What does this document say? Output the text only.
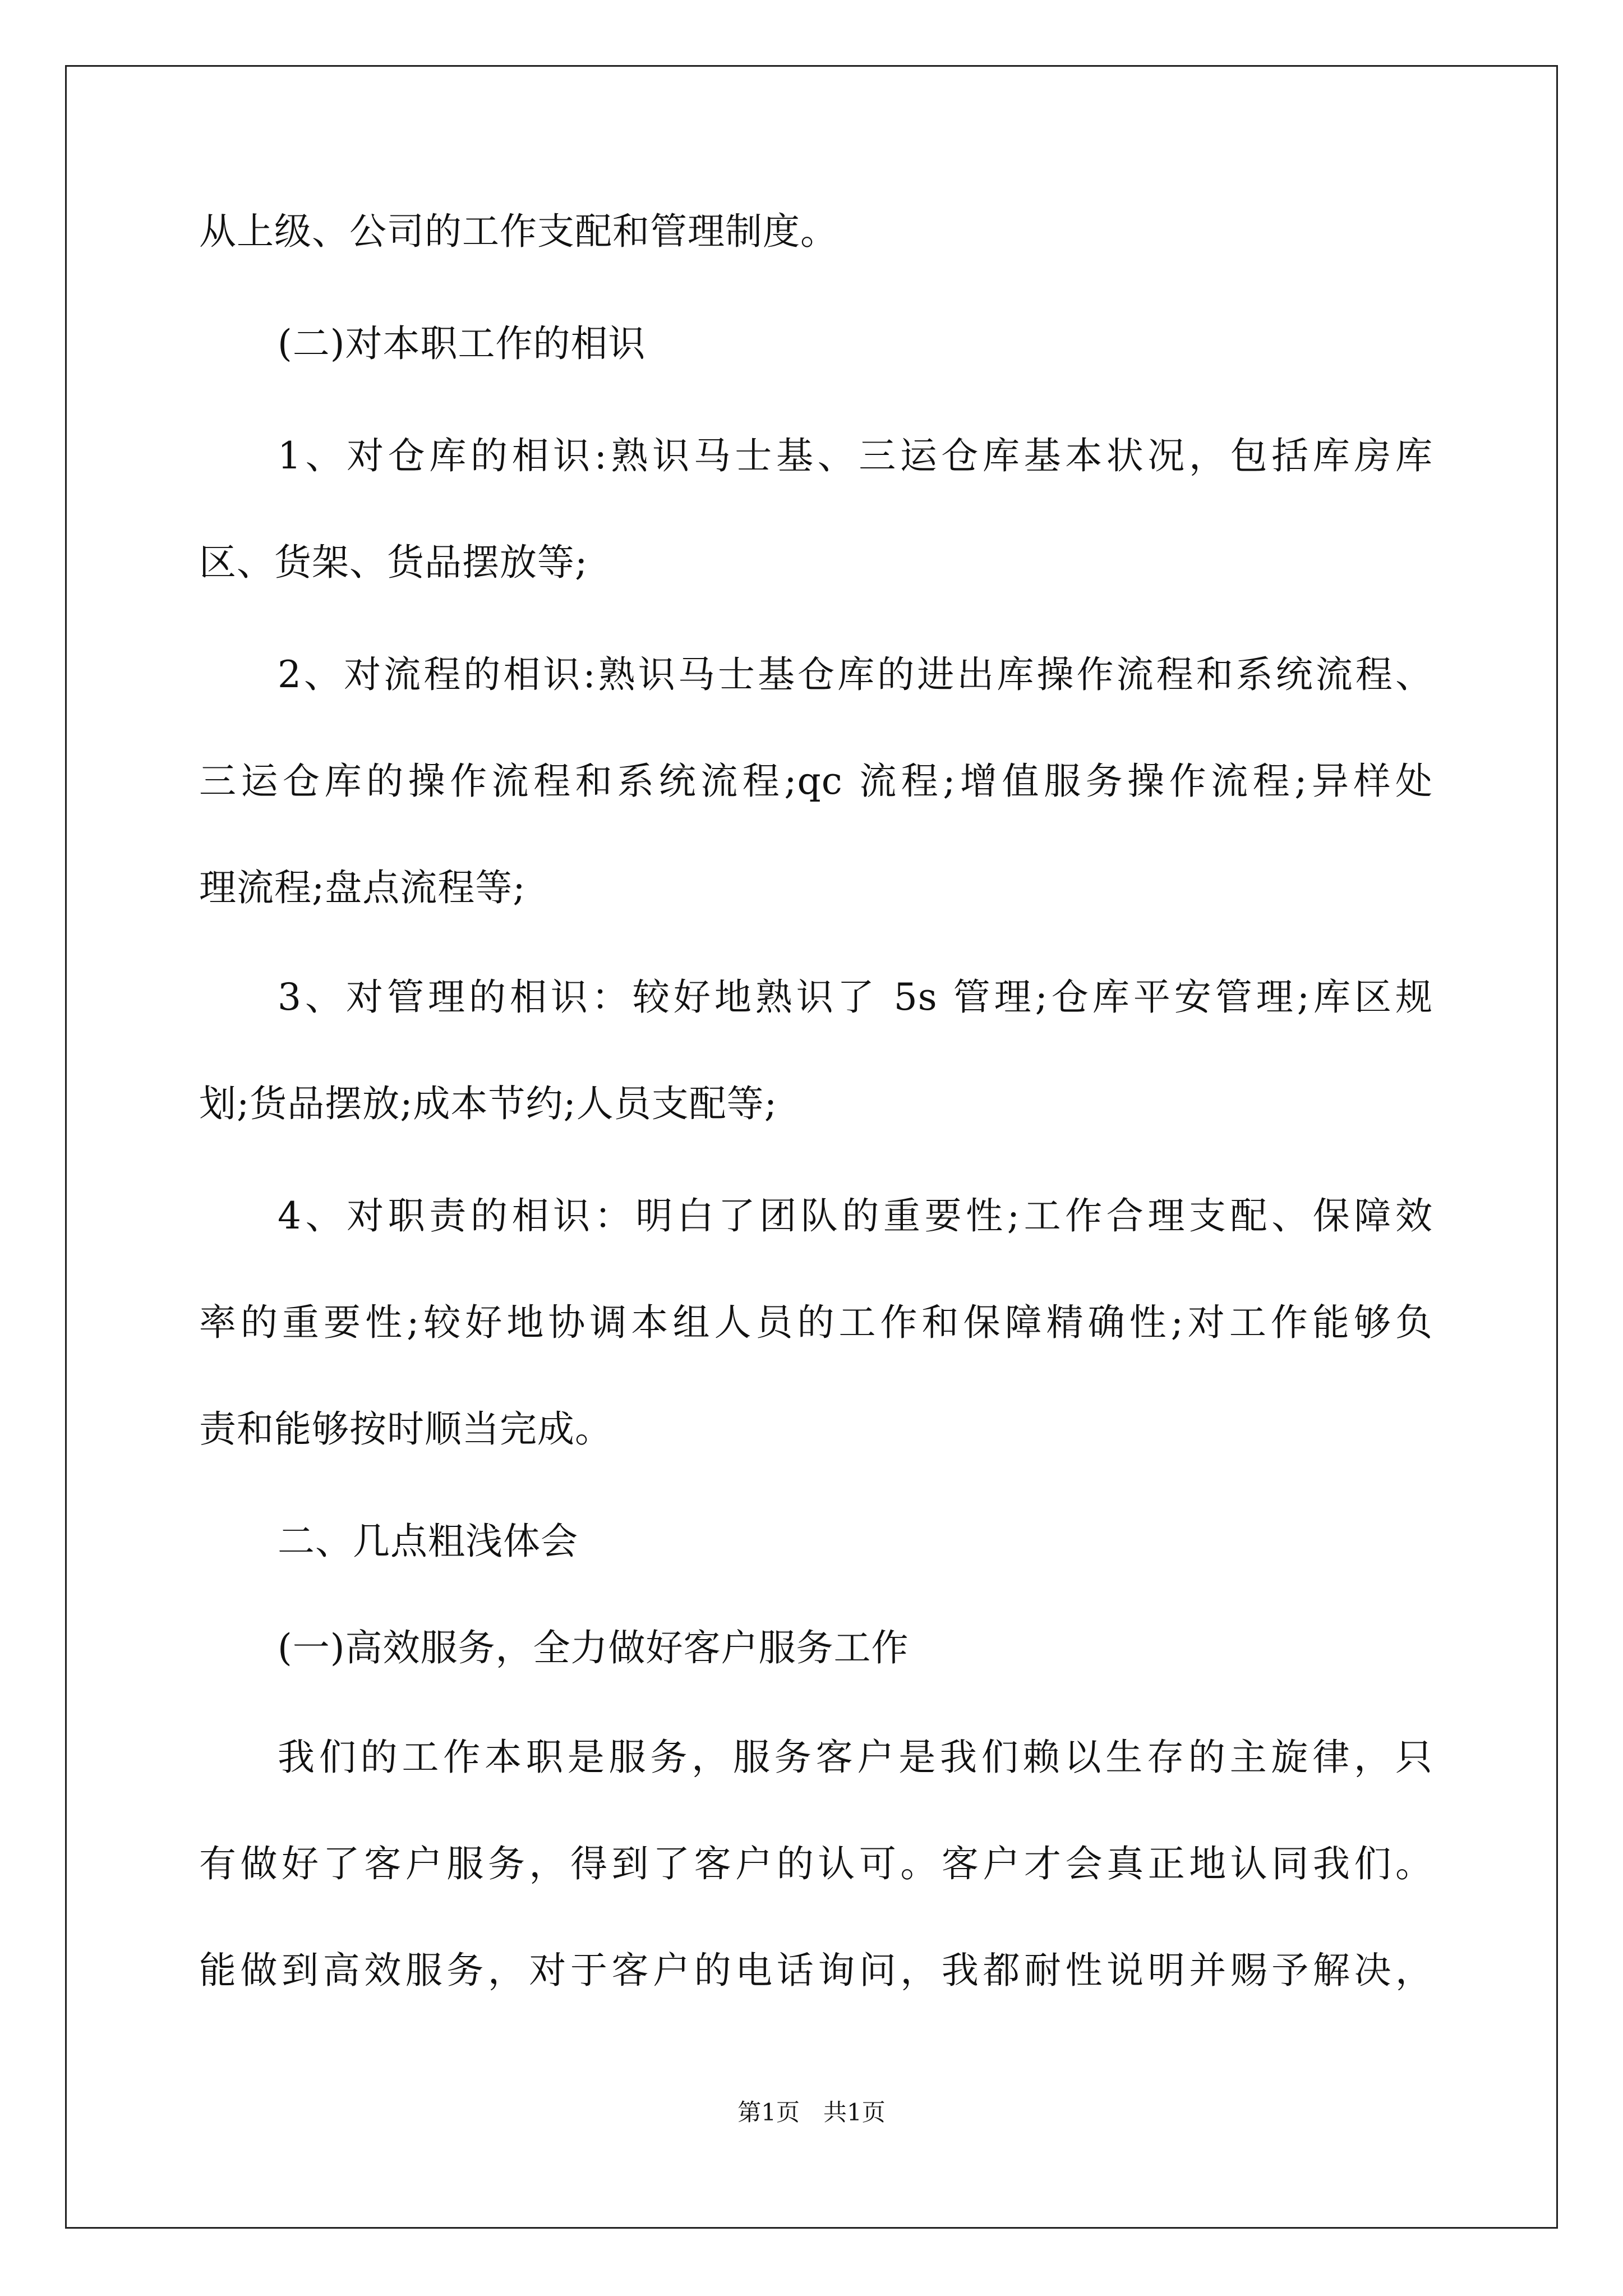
从上级、公司的工作支配和管理制度。
(二)对本职工作的相识
1、对仓库的相识:熟识马士基、三运仓库基本状况，包括库房库
区、货架、货品摆放等;
2、对流程的相识:熟识马士基仓库的进出库操作流程和系统流程、
三运仓库的操作流程和系统流程;qc 流程;增值服务操作流程;异样处
理流程;盘点流程等;
3、对管理的相识：较好地熟识了 5s 管理;仓库平安管理;库区规
划;货品摆放;成本节约;人员支配等;
4、对职责的相识：明白了团队的重要性;工作合理支配、保障效
率的重要性;较好地协调本组人员的工作和保障精确性;对工作能够负
责和能够按时顺当完成。
二、几点粗浅体会
(一)高效服务，全力做好客户服务工作
我们的工作本职是服务，服务客户是我们赖以生存的主旋律，只
有做好了客户服务，得到了客户的认可。客户才会真正地认同我们。
能做到高效服务，对于客户的电话询问，我都耐性说明并赐予解决，
第1页　共1页
